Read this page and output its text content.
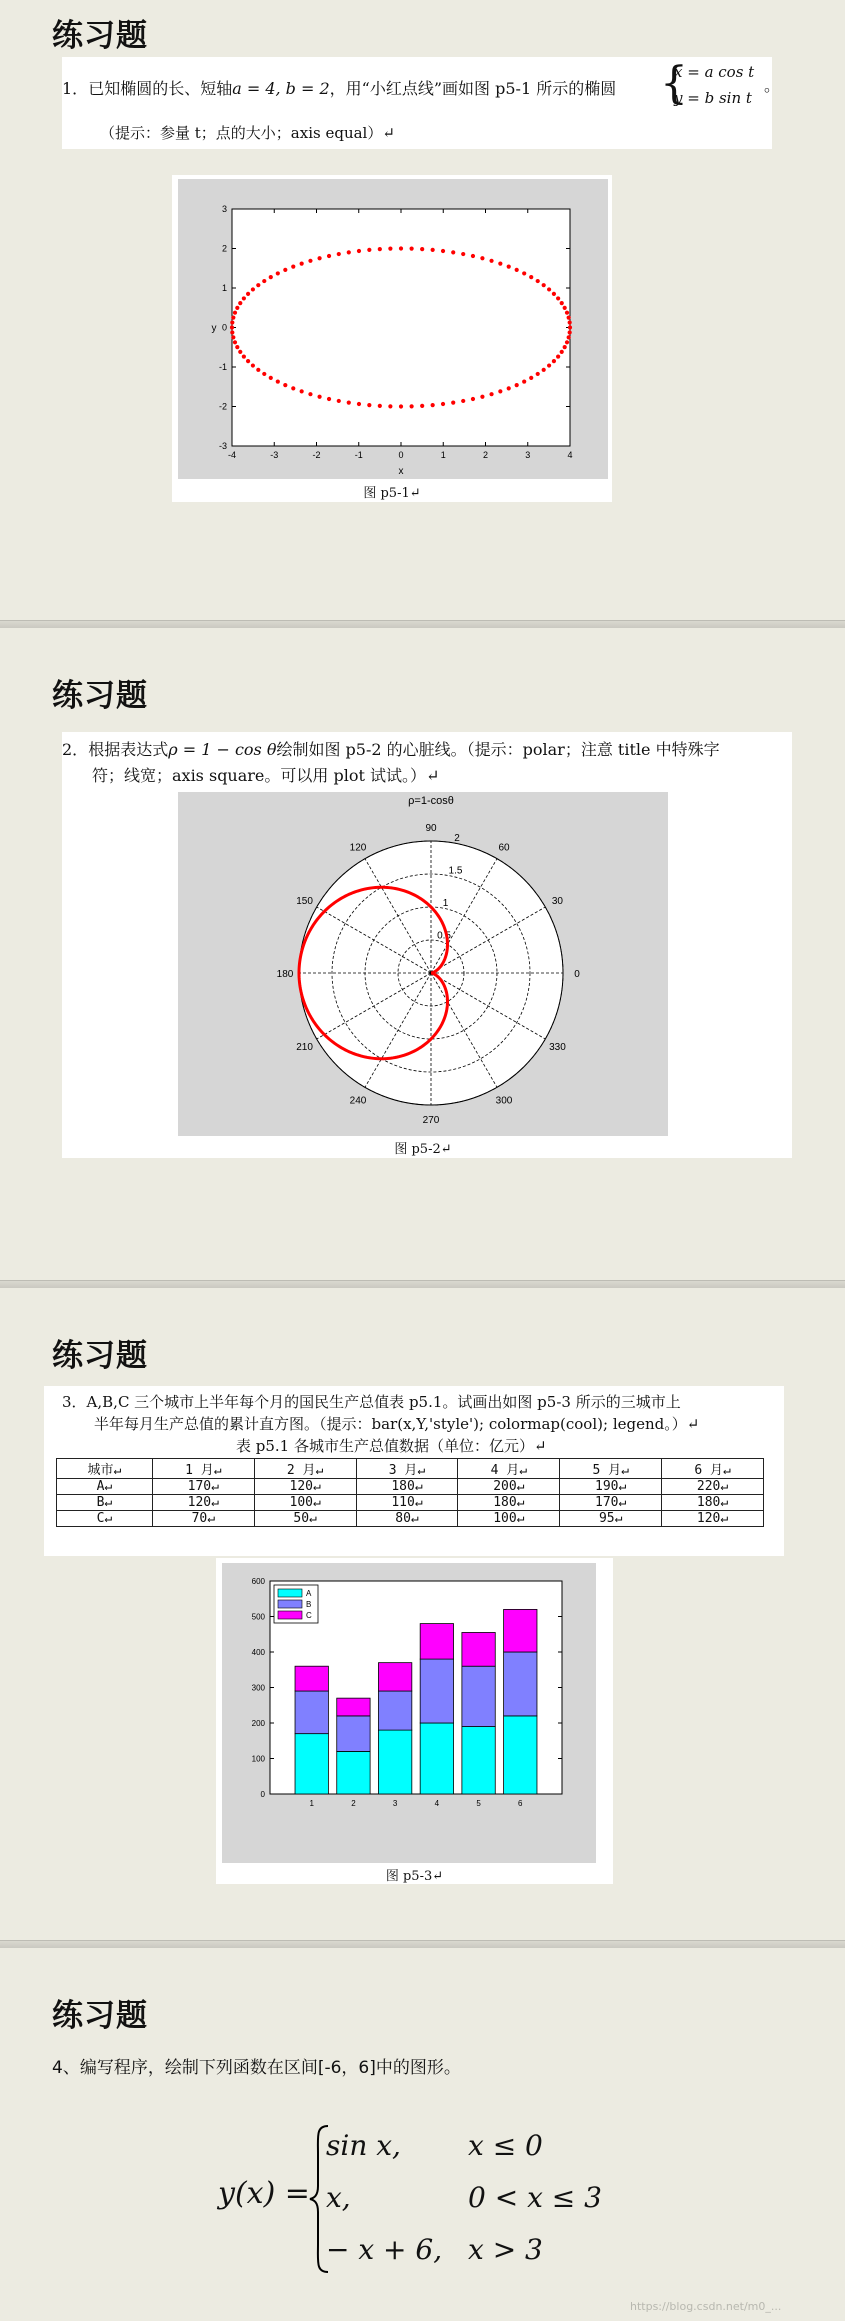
练习题
1．已知椭圆的长、短轴a = 4, b = 2，用“小红点线”画如图 p5-1 所示的椭圆 {
x = a cos t
y = b sin t
。
（提示：参量 t；点的大小；axis equal）↵
-4	-3	-2	-1	0	1	2	3	4
3
2
1
0
-1
-2
-3
x
y
图 p5-1↵
练习题
2．根据表达式ρ = 1 − cos θ绘制如图 p5-2 的心脏线。（提示：polar；注意 title 中特殊字
符；线宽；axis square。可以用 plot 试试。）↵
ρ=1-cosθ
0.5
1
1.5
2
90
60
30
0
330
300
270
240
210
180
150
120
图 p5-2↵
练习题
3．A,B,C 三个城市上半年每个月的国民生产总值表 p5.1。试画出如图 p5-3 所示的三城市上
半年每月生产总值的累计直方图。（提示：bar(x,Y,'style'); colormap(cool); legend。）↵
表 p5.1 各城市生产总值数据（单位：亿元）↵
城市↵	1 月↵	2 月↵	3 月↵	4 月↵	5 月↵	6 月↵
A↵	170↵	120↵	180↵	200↵	190↵	220↵
B↵	120↵	100↵	110↵	180↵	170↵	180↵
C↵	70↵	50↵	80↵	100↵	95↵	120↵
0
100
200
300
400
500
600
1	2	3	4	5	6
A
B
C
图 p5-3↵
练习题
4、编写程序，绘制下列函数在区间[-6，6]中的图形。
y(x) =
sin x, x ≤ 0
x,	0 < x ≤ 3
− x + 6, x > 3
https://blog.csdn.net/m0_...
